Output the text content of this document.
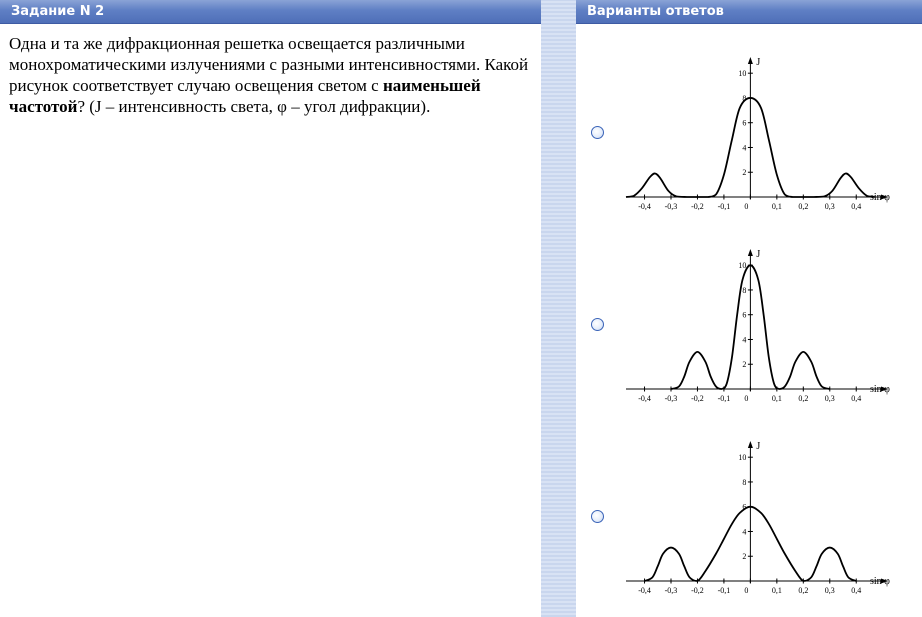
Задание N 2	Варианты ответов

Одна и та же дифракционная решетка освещается различными монохроматическими излучениями с разными интенсивностями. Какой рисунок соответствует случаю освещения светом с наименьшей частотой? (J – интенсивность света, φ – угол дифракции).

-0,4 -0,3 -0,2 -0,1 0	0,1 0,2 0,3 0,4
2
4
6
8
10
sin φ
J
-0,4 -0,3 -0,2 -0,1 0	0,1 0,2 0,3 0,4
2
4
6
8
10
sin φ
J
-0,4 -0,3 -0,2 -0,1 0	0,1 0,2 0,3 0,4
2
4
6
8
10
sin φ
J
